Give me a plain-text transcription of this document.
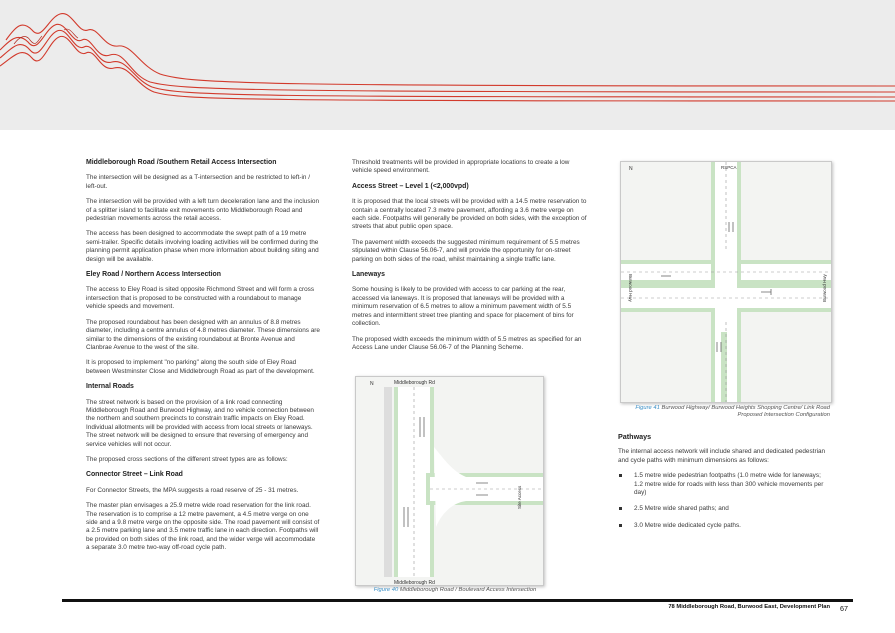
Middleborough Road /Southern Retail Access Intersection

The intersection will be designed as a T-intersection and be restricted to left-in / left-out.

The intersection will be provided with a left turn deceleration lane and the inclusion of a splitter island to facilitate exit movements onto Middleborough Road and pedestrian movements across the retail access.

The access has been designed to accommodate the swept path of a 19 metre semi-trailer. Specific details involving loading activities will be confirmed during the planning permit application phase when more information about building siting and design will be available.

Eley Road / Northern Access Intersection

The access to Eley Road is sited opposite Richmond Street and will form a cross intersection that is proposed to be constructed with a roundabout to manage vehicle speeds and movement.

The proposed roundabout has been designed with an annulus of 8.8 metres diameter, including a centre annulus of 4.8 metres diameter. These dimensions are similar to the dimensions of the existing roundabout at Bronte Avenue and Clanbrae Avenue to the west of the site.

It is proposed to implement "no parking" along the south side of Eley Road between Westminster Close and Middlebrough Road as part of the development.

Internal Roads

The street network is based on the provision of a link road connecting Middleborough Road and Burwood Highway, and no vehicle connection between the northern and southern precincts to constrain traffic impacts on Eley Road. Individual allotments will be provided with access from local streets or laneways. The street network will be designed to ensure that reversing of emergency and service vehicles will not occur.

The proposed cross sections of the different street types are as follows:

Connector Street – Link Road

For Connector Streets, the MPA suggests a road reserve of 25 - 31 metres.

The master plan envisages a 25.9 metre wide road reservation for the link road. The reservation is to comprise a 12 metre pavement, a 4.5 metre verge on one side and a 9.8 metre verge on the opposite side. The road pavement will consist of a 2.5 metre parking lane and 3.5 metre traffic lane in each direction. Footpaths will be provided on both sides of the link road, and the wider verge will accommodate a separate 3.0 metre two-way off-road cycle path.

Threshold treatments will be provided in appropriate locations to create a low vehicle speed environment.

Access Street – Level 1 (<2,000vpd)

It is proposed that the local streets will be provided with a 14.5 metre reservation to contain a centrally located 7.3 metre pavement, affording a 3.6 metre verge on each side. Footpaths will generally be provided on both sides, with the exception of streets that abut public open space.

The pavement width exceeds the suggested minimum requirement of 5.5 metres stipulated within Clause 56.06-7, and will provide the opportunity for on-street parking on both sides of the road, whilst maintaining a single traffic lane.

Laneways

Some housing is likely to be provided with access to car parking at the rear, accessed via laneways. It is proposed that laneways will be provided with a minimum reservation of 6.5 metres to allow a minimum pavement width of 5.5 metres and intermittent street tree planting and space for placement of bins for collection.

The proposed width exceeds the minimum width of 5.5 metres as specified for an Access Lane under Clause 56.06-7 of the Planning Scheme.

Middleborough Rd
Middleborough Rd
Site Access
N
Figure 40 Middleborough Road / Boulevard Access Intersection
RSPCA
Burwood Hwy	Burwood Hwy
N
Figure 41 Burwood Highway/ Burwood Heights Shopping Centre/ Link Road
Proposed Intersection Configuration
Pathways

The internal access network will include shared and dedicated pedestrian and cycle paths with minimum dimensions as follows:

1.5 metre wide pedestrian footpaths (1.0 metre wide for laneways; 1.2 metre wide for roads with less than 300 vehicle movements per day)
2.5 Metre wide shared paths; and
3.0 Metre wide dedicated cycle paths.
78 Middleborough Road, Burwood East, Development Plan 67
